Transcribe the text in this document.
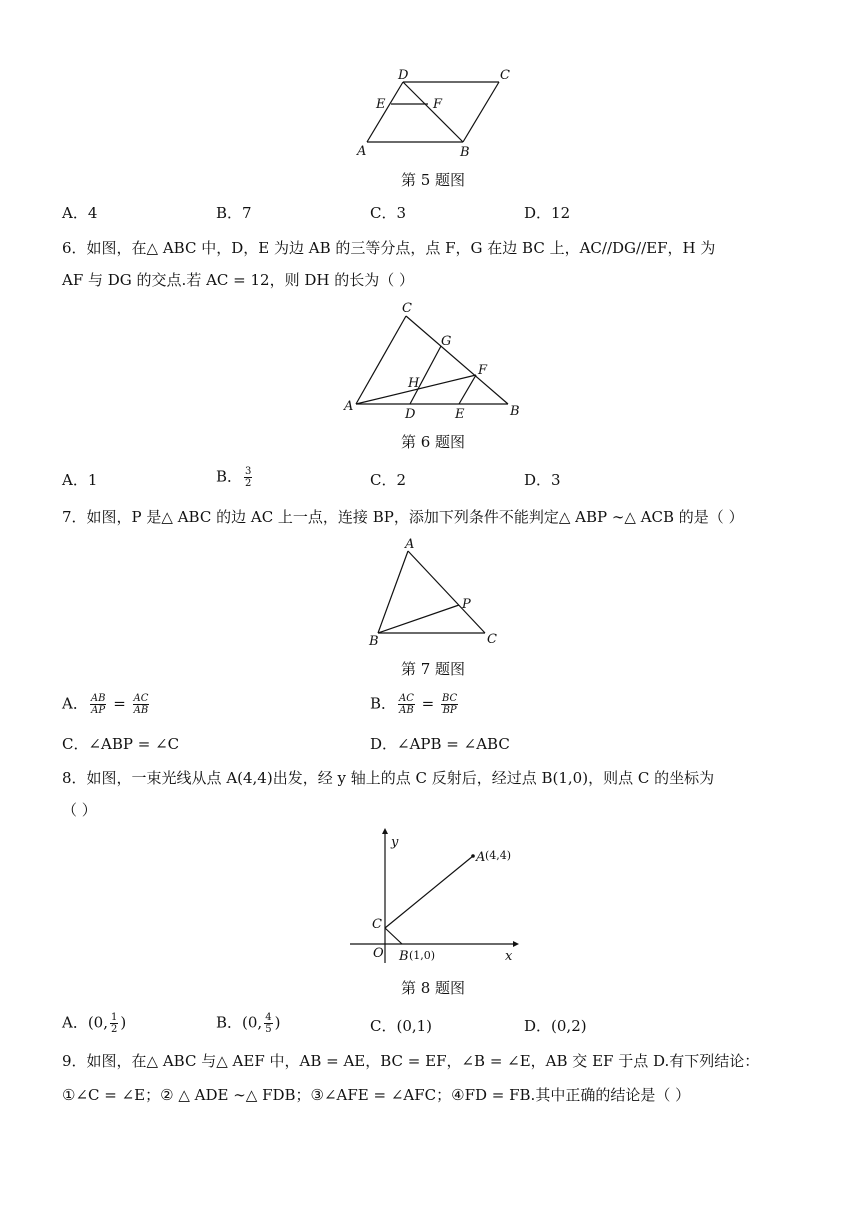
D	C
E	F
A	B
第 5 题图
A．4	B．7	C．3	D．12
6．如图，在△ ABC 中，D，E 为边 AB 的三等分点，点 F，G 在边 BC 上，AC//DG//EF，H 为
AF 与 DG 的交点.若 AC = 12，则 DH 的长为（ ）
C
G
H
F
A
D	E	B
第 6 题图
A．1	B． $\frac{3}{2}$	C．2	D．3
7．如图，P 是△ ABC 的边 AC 上一点，连接 BP，添加下列条件不能判定△ ABP ∼△ ACB 的是（ ）
A
P
B	C
第 7 题图
A． $\frac{AB}{AP} = \frac{AC}{AB}$	B． $\frac{AC}{AB} = \frac{BC}{BP}$
C．∠ABP = ∠C	D．∠APB = ∠ABC
8．如图，一束光线从点 A(4,4)出发，经 y 轴上的点 C 反射后，经过点 B(1,0)，则点 C 的坐标为
（ ）
y
A (4,4)
C
O B (1,0)	x
第 8 题图
A．(0, $\frac{1}{2}$ )	B．(0, $\frac{4}{5}$ )	C．(0,1)	D．(0,2)
9．如图，在△ ABC 与△ AEF 中，AB = AE，BC = EF，∠B = ∠E，AB 交 EF 于点 D.有下列结论：
①∠C = ∠E；② △ ADE ∼△ FDB；③∠AFE = ∠AFC；④FD = FB.其中正确的结论是（ ）
